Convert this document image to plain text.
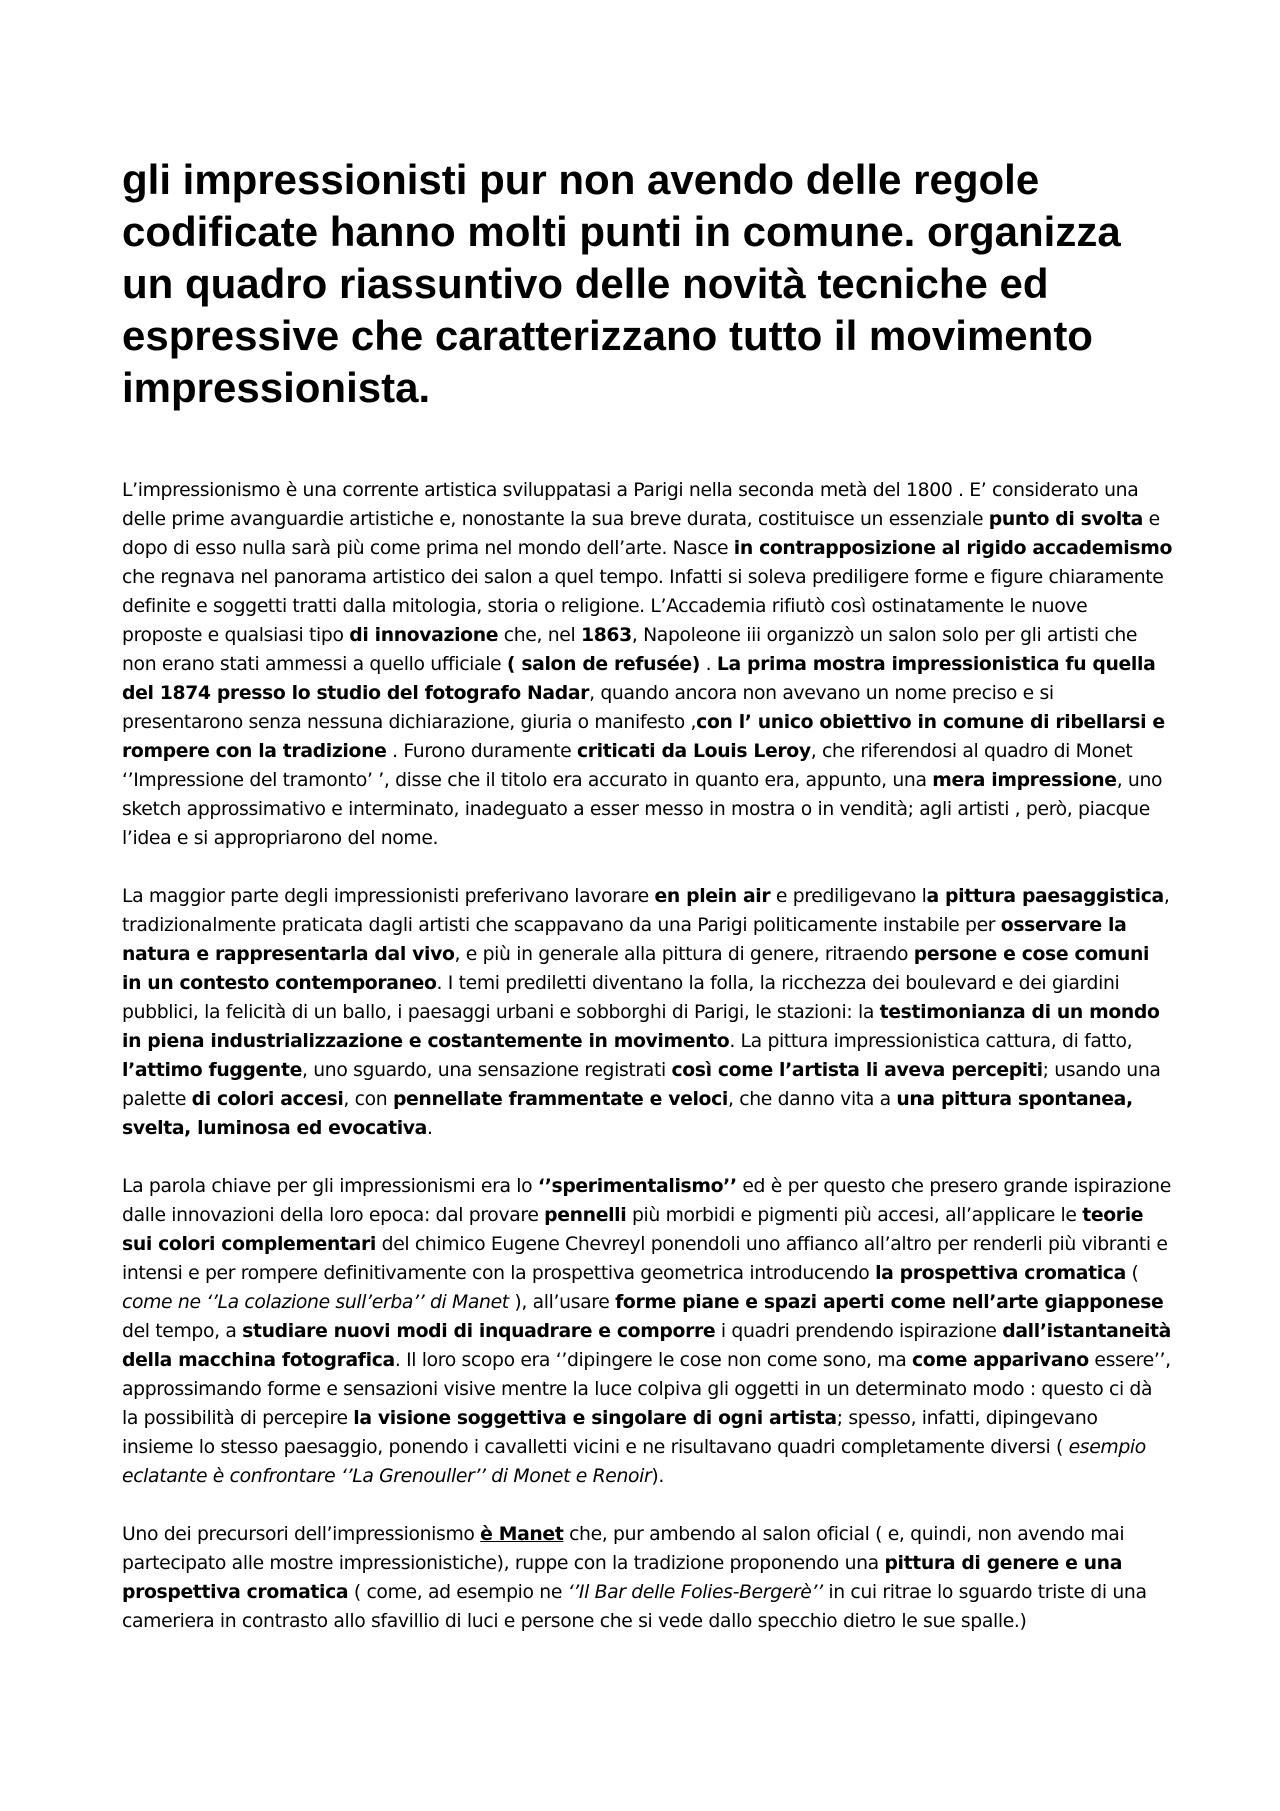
gli impressionisti pur non avendo delle regole codificate hanno molti punti in comune. organizza un quadro riassuntivo delle novità tecniche ed espressive che caratterizzano tutto il movimento impressionista.

L’impressionismo è una corrente artistica sviluppatasi a Parigi nella seconda metà del 1800 . E’ considerato una delle prime avanguardie artistiche e, nonostante la sua breve durata, costituisce un essenziale punto di svolta e dopo di esso nulla sarà più come prima nel mondo dell’arte. Nasce in contrapposizione al rigido accademismo che regnava nel panorama artistico dei salon a quel tempo. Infatti si soleva prediligere forme e figure chiaramente definite e soggetti tratti dalla mitologia, storia o religione. L’Accademia rifiutò così ostinatamente le nuove proposte e qualsiasi tipo di innovazione che, nel 1863, Napoleone iii organizzò un salon solo per gli artisti che non erano stati ammessi a quello ufficiale ( salon de refusée) . La prima mostra impressionistica fu quella del 1874 presso lo studio del fotografo Nadar, quando ancora non avevano un nome preciso e si presentarono senza nessuna dichiarazione, giuria o manifesto ,con l’ unico obiettivo in comune di ribellarsi e rompere con la tradizione . Furono duramente criticati da Louis Leroy, che riferendosi al quadro di Monet ‘’Impressione del tramonto’ ’, disse che il titolo era accurato in quanto era, appunto, una mera impressione, uno sketch approssimativo e interminato, inadeguato a esser messo in mostra o in vendità; agli artisti , però, piacque l’idea e si appropriarono del nome.

La maggior parte degli impressionisti preferivano lavorare en plein air e prediligevano la pittura paesaggistica, tradizionalmente praticata dagli artisti che scappavano da una Parigi politicamente instabile per osservare la natura e rappresentarla dal vivo, e più in generale alla pittura di genere, ritraendo persone e cose comuni in un contesto contemporaneo. I temi prediletti diventano la folla, la ricchezza dei boulevard e dei giardini pubblici, la felicità di un ballo, i paesaggi urbani e sobborghi di Parigi, le stazioni: la testimonianza di un mondo in piena industrializzazione e costantemente in movimento. La pittura impressionistica cattura, di fatto, l’attimo fuggente, uno sguardo, una sensazione registrati così come l’artista li aveva percepiti; usando una palette di colori accesi, con pennellate frammentate e veloci, che danno vita a una pittura spontanea, svelta, luminosa ed evocativa.

La parola chiave per gli impressionismi era lo ‘’sperimentalismo’’ ed è per questo che presero grande ispirazione dalle innovazioni della loro epoca: dal provare pennelli più morbidi e pigmenti più accesi, all’applicare le teorie sui colori complementari del chimico Eugene Chevreyl ponendoli uno affianco all’altro per renderli più vibranti e intensi e per rompere definitivamente con la prospettiva geometrica introducendo la prospettiva cromatica ( come ne ‘’La colazione sull’erba’’ di Manet ), all’usare forme piane e spazi aperti come nell’arte giapponese del tempo, a studiare nuovi modi di inquadrare e comporre i quadri prendendo ispirazione dall’istantaneità della macchina fotografica. Il loro scopo era ‘’dipingere le cose non come sono, ma come apparivano essere’’, approssimando forme e sensazioni visive mentre la luce colpiva gli oggetti in un determinato modo : questo ci dà la possibilità di percepire la visione soggettiva e singolare di ogni artista; spesso, infatti, dipingevano insieme lo stesso paesaggio, ponendo i cavalletti vicini e ne risultavano quadri completamente diversi ( esempio eclatante è confrontare ‘’La Grenouller’’ di Monet e Renoir).

Uno dei precursori dell’impressionismo è Manet che, pur ambendo al salon oficial ( e, quindi, non avendo mai partecipato alle mostre impressionistiche), ruppe con la tradizione proponendo una pittura di genere e una prospettiva cromatica ( come, ad esempio ne ‘’Il Bar delle Folies-Bergerè’’ in cui ritrae lo sguardo triste di una cameriera in contrasto allo sfavillio di luci e persone che si vede dallo specchio dietro le sue spalle.)
